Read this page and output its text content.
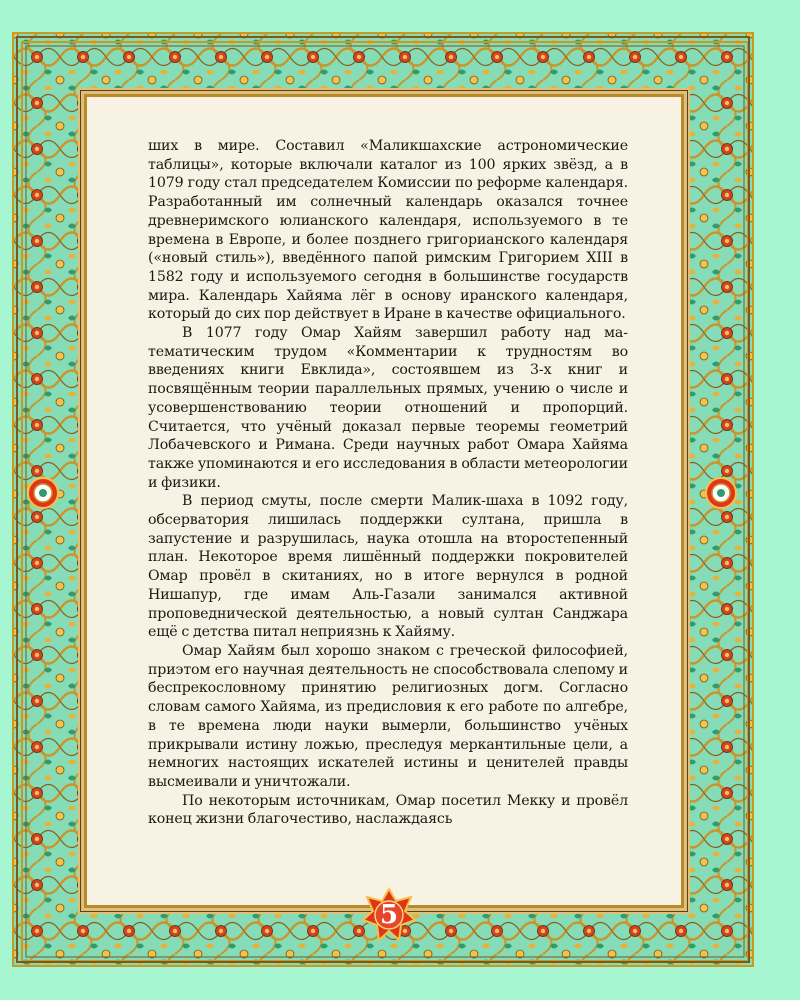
ших в мире. Составил «Маликшахские астрономические таблицы», которые включали каталог из 100 ярких звёзд, а в 1079 году стал председателем Комиссии по реформе календаря. Разработанный им солнечный календарь оказался точнее древнеримского юлианского календаря, используемого в те времена в Европе, и более позднего григорианского календаря («новый стиль»), введённого папой римским Григорием XIII в 1582 году и используемого сегодня в большинстве государств мира. Календарь Хайяма лёг в основу иранского календаря, который до сих пор действует в Иране в качестве официального.

В 1077 году Омар Хайям завершил работу над математическим трудом «Комментарии к трудностям во введениях книги Евклида», состоявшем из 3-х книг и посвящённым теории параллельных прямых, учению о числе и усовершенствованию теории отношений и пропорций. Считается, что учёный доказал первые теоремы геометрий Лобачевского и Римана. Среди научных работ Омара Хайяма также упоминаются и его исследования в области метеорологии и физики.

В период смуты, после смерти Малик-шаха в 1092 году, обсерватория лишилась поддержки султана, пришла в запустение и разрушилась, наука отошла на второстепенный план. Некоторое время лишённый поддержки покровителей Омар провёл в скитаниях, но в итоге вернулся в родной Нишапур, где имам Аль-Газали занимался активной проповеднической деятельностью, а новый султан Санджара ещё с детства питал неприязнь к Хайяму.

Омар Хайям был хорошо знаком с греческой философией, приэтом его научная деятельность не способствовала слепому и беспрекословному принятию религиозных догм. Согласно словам самого Хайяма, из предисловия к его работе по алгебре, в те времена люди науки вымерли, большинство учёных прикрывали истину ложью, преследуя меркантильные цели, а немногих настоящих искателей истины и ценителей правды высмеивали и уничтожали.

По некоторым источникам, Омар посетил Мекку и провёл конец жизни благочестиво, наслаждаясь

5
